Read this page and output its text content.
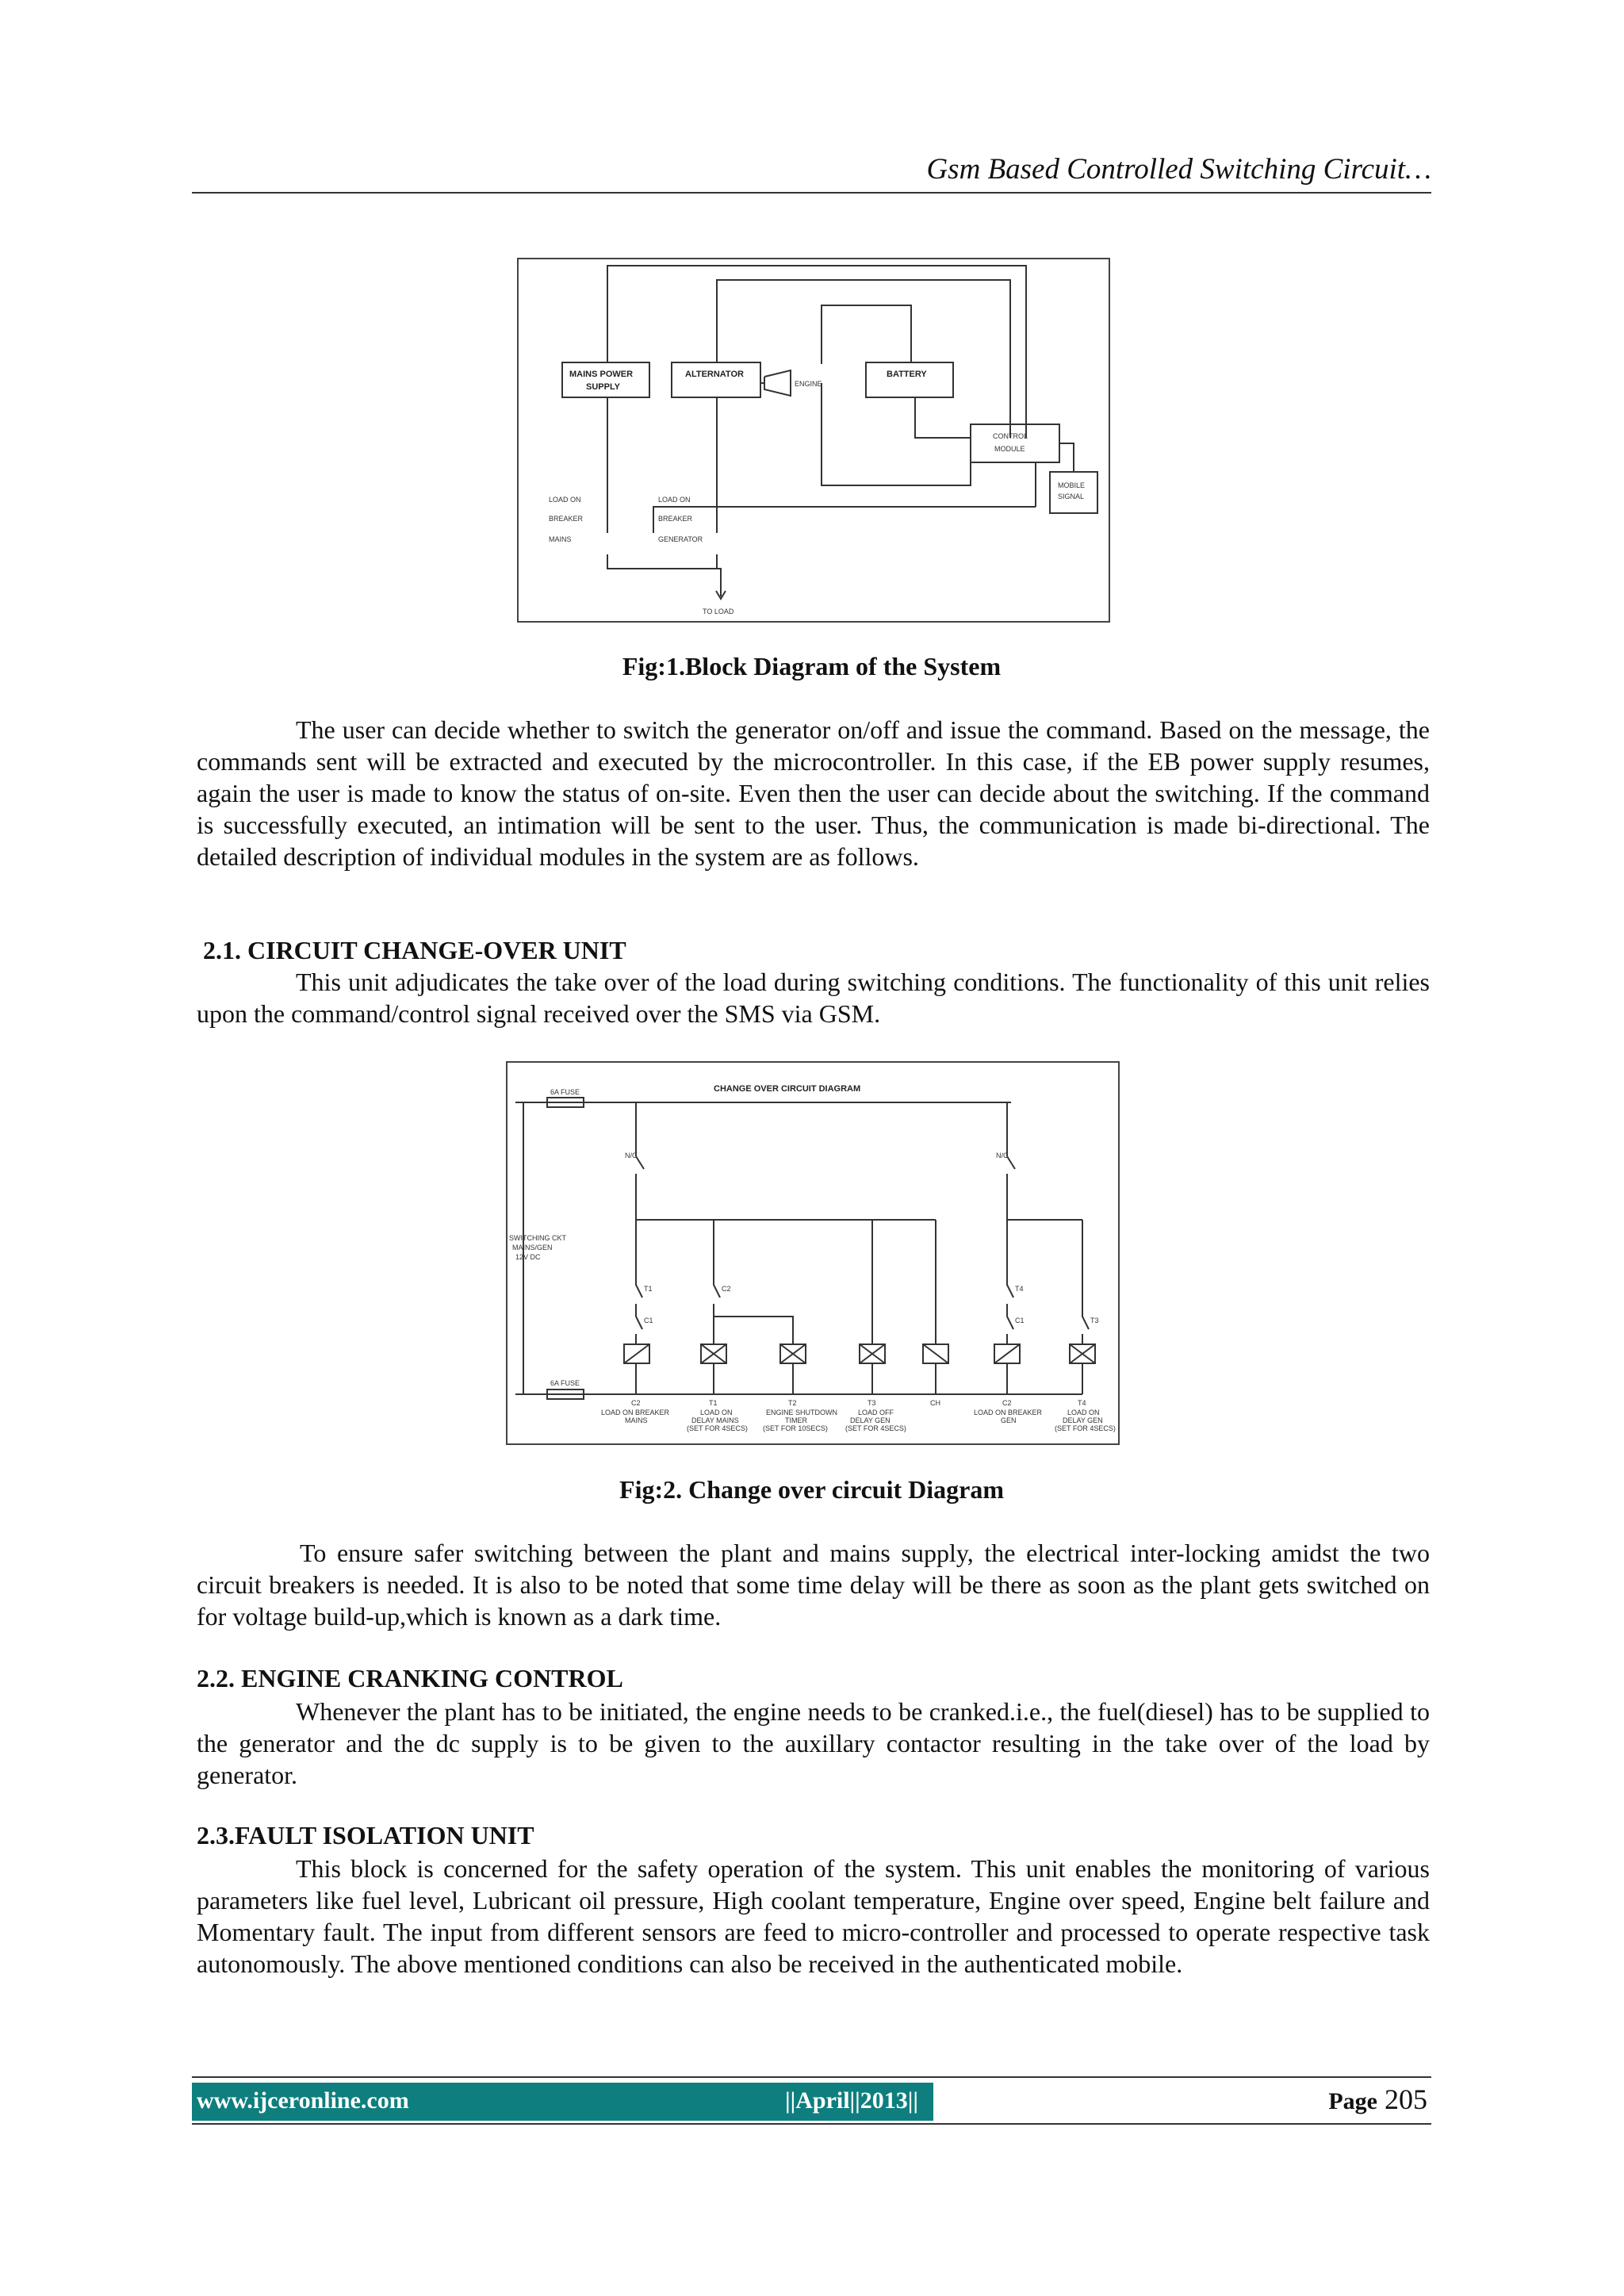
Gsm Based Controlled Switching Circuit…
MAINS POWER
SUPPLY
ALTERNATOR
ENGINE
BATTERY
CONTROL
MODULE
MOBILE
SIGNAL
LOAD ON
BREAKER
MAINS
LOAD ON
BREAKER
GENERATOR
TO LOAD
Fig:1.Block Diagram of the System

The user can decide whether to switch the generator on/off and issue the command. Based on the message, the commands sent will be extracted and executed by the microcontroller. In this case, if the EB power supply resumes, again the user is made to know the status of on-site. Even then the user can decide about the switching. If the command is successfully executed, an intimation will be sent to the user. Thus, the communication is made bi-directional. The detailed description of individual modules in the system are as follows.

2.1. CIRCUIT CHANGE-OVER UNIT

This unit adjudicates the take over of the load during switching conditions. The functionality of this unit relies upon the command/control signal received over the SMS via GSM.

CHANGE OVER CIRCUIT DIAGRAM
6A FUSE
6A FUSE
SWITCHING CKT
MAINS/GEN
12V DC
N/C	N/C
T1	C2	T4
C1	T3
C1
C2	T1	T2	T3	CH	C2	T4
LOAD ON BREAKER
MAINS
LOAD ON
DELAY MAINS
(SET FOR 4SECS)
ENGINE SHUTDOWN
TIMER
(SET FOR 10SECS)
LOAD OFF
DELAY GEN
(SET FOR 4SECS)
LOAD ON BREAKER
GEN
LOAD ON
DELAY GEN
(SET FOR 4SECS)
Fig:2. Change over circuit Diagram

To ensure safer switching between the plant and mains supply, the electrical inter-locking amidst the two circuit breakers is needed. It is also to be noted that some time delay will be there as soon as the plant gets switched on for voltage build-up,which is known as a dark time.

2.2. ENGINE CRANKING CONTROL

Whenever the plant has to be initiated, the engine needs to be cranked.i.e., the fuel(diesel) has to be supplied to the generator and the dc supply is to be given to the auxillary contactor resulting in the take over of the load by generator.

2.3.FAULT ISOLATION UNIT

This block is concerned for the safety operation of the system. This unit enables the monitoring of various parameters like fuel level, Lubricant oil pressure, High coolant temperature, Engine over speed, Engine belt failure and Momentary fault. The input from different sensors are feed to micro-controller and processed to operate respective task autonomously. The above mentioned conditions can also be received in the authenticated mobile.

www.ijceronline.com	||April||2013||	Page 205
